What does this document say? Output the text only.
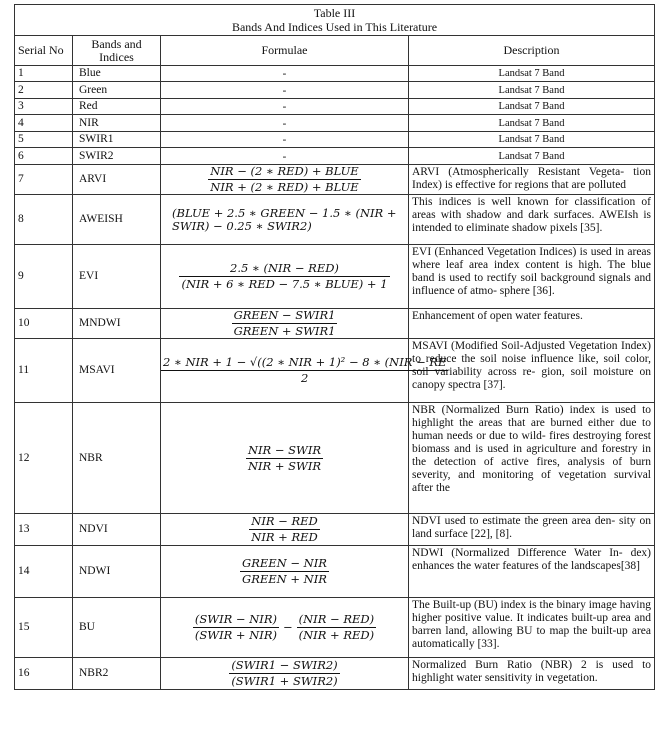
Table III
Bands And Indices Used in This Literature			

Serial No	Bands and Indices	Formulae	Description
1	Blue	-	Landsat 7 Band
2	Green	-	Landsat 7 Band
3	Red	-	Landsat 7 Band
4	NIR	-	Landsat 7 Band
5	SWIR1	-	Landsat 7 Band
6	SWIR2	-	Landsat 7 Band
7	ARVI	$\frac{\text{NIR − (2 ∗ RED) + BLUE}}{\text{NIR + (2 ∗ RED) + BLUE}}$	ARVI (Atmospherically Resistant Vegeta- tion Index) is effective for regions that are polluted
8	AWEISH	(BLUE + 2.5 ∗ GREEN − 1.5 ∗ (NIR +
SWIR) − 0.25 ∗ SWIR2)	This indices is well known for classification of areas with shadow and dark surfaces. AWEIsh is intended to eliminate shadow pixels [35].
9	EVI	$\frac{\text{2.5 ∗ (NIR − RED)}}{\text{(NIR + 6 ∗ RED − 7.5 ∗ BLUE) + 1}}$	EVI (Enhanced Vegetation Indices) is used in areas where leaf area index content is high. The blue band is used to rectify soil background signals and influence of atmo- sphere [36].
10	MNDWI	$\frac{\text{GREEN − SWIR1}}{\text{GREEN + SWIR1}}$	Enhancement of open water features.
11	MSAVI	$\frac{\text{2 ∗ NIR + 1 − √((2 ∗ NIR + 1)² − 8 ∗ (NIR − RE}}{2}$	MSAVI (Modified Soil-Adjusted Vegetation Index) to reduce the soil noise influence like, soil color, soil variability across re- gion, soil moisture on canopy spectra [37].
12	NBR	$\frac{\text{NIR − SWIR}}{\text{NIR + SWIR}}$	NBR (Normalized Burn Ratio) index is used to highlight the areas that are burned either due to human needs or due to wild- fires destroying forest biomass and is used in agriculture and forestry in the detection of active fires, analysis of burn severity, and monitoring of vegetation survival after the
13	NDVI	$\frac{\text{NIR − RED}}{\text{NIR + RED}}$	NDVI used to estimate the green area den- sity on land surface [22], [8].
14	NDWI	$\frac{\text{GREEN − NIR}}{\text{GREEN + NIR}}$	NDWI (Normalized Difference Water In- dex) enhances the water features of the landscapes[38]
15	BU	$\frac{\text{(SWIR − NIR)}}{\text{(SWIR + NIR)}} - \frac{\text{(NIR − RED)}}{\text{(NIR + RED)}}$	The Built-up (BU) index is the binary image having higher positive value. It indicates built-up area and barren land, allowing BU to map the built-up area automatically [33].
16	NBR2	$\frac{\text{(SWIR1 − SWIR2)}}{\text{(SWIR1 + SWIR2)}}$	Normalized Burn Ratio (NBR) 2 is used to highlight water sensitivity in vegetation.
